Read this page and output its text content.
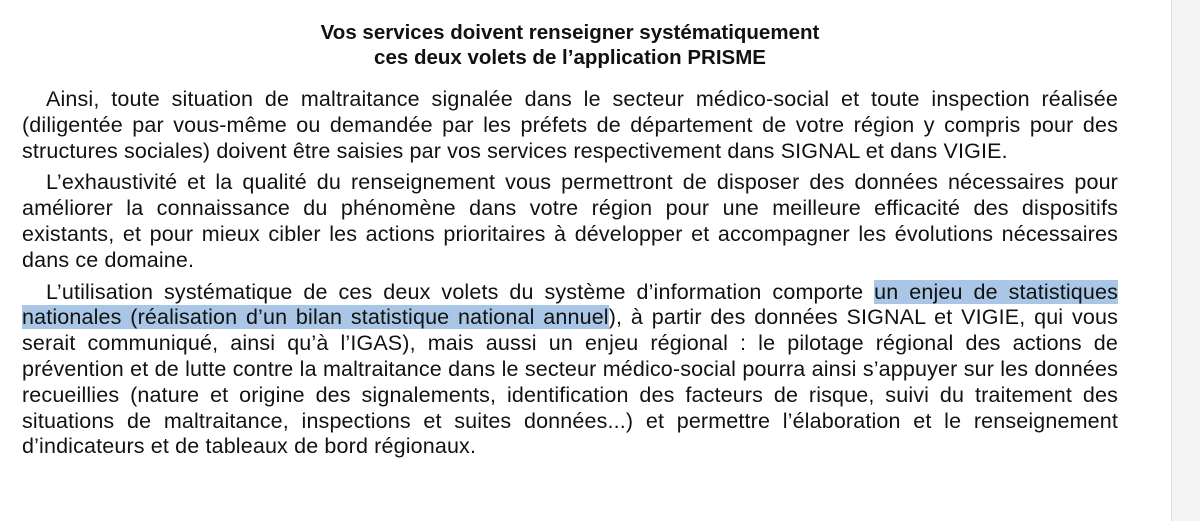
Vos services doivent renseigner systématiquement
ces deux volets de l’application PRISME

Ainsi, toute situation de maltraitance signalée dans le secteur médico-social et toute inspection réalisée (diligentée par vous-même ou demandée par les préfets de département de votre région y compris pour des structures sociales) doivent être saisies par vos services respectivement dans SIGNAL et dans VIGIE.

L’exhaustivité et la qualité du renseignement vous permettront de disposer des données nécessaires pour améliorer la connaissance du phénomène dans votre région pour une meilleure efficacité des dispositifs existants, et pour mieux cibler les actions prioritaires à développer et accompagner les évolutions nécessaires dans ce domaine.

L’utilisation systématique de ces deux volets du système d’information comporte un enjeu de statistiques nationales (réalisation d’un bilan statistique national annuel), à partir des données SIGNAL et VIGIE, qui vous serait communiqué, ainsi qu’à l’IGAS), mais aussi un enjeu régional : le pilotage régional des actions de prévention et de lutte contre la maltraitance dans le secteur médico-social pourra ainsi s’appuyer sur les données recueillies (nature et origine des signalements, identification des facteurs de risque, suivi du traitement des situations de maltraitance, inspections et suites données...) et permettre l’élaboration et le renseignement d’indicateurs et de tableaux de bord régionaux.
